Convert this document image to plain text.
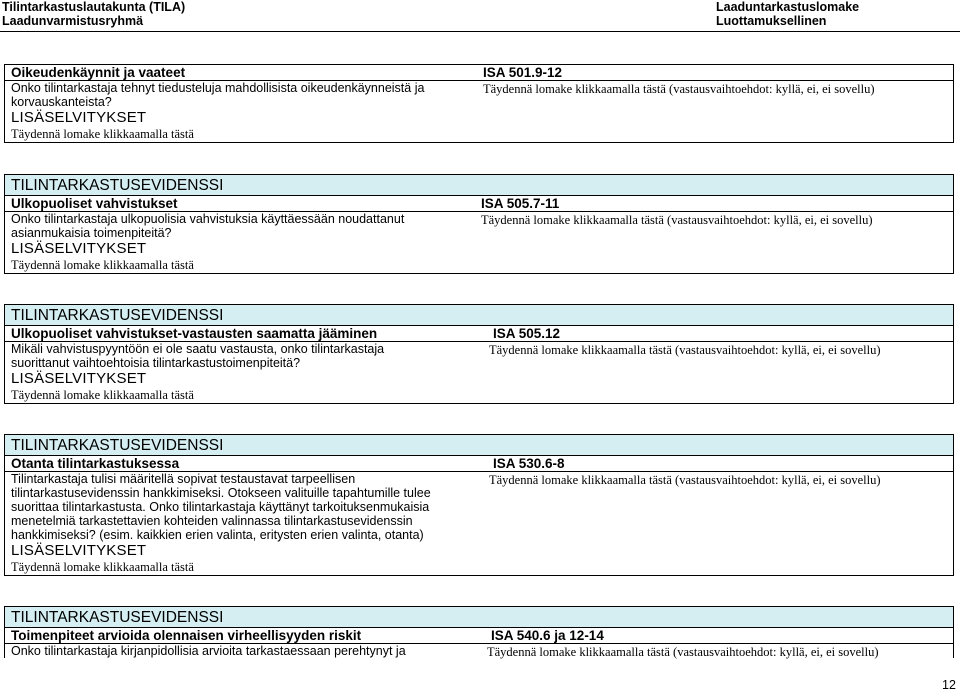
Tilintarkastuslautakunta (TILA)
Laadunvarmistusryhmä
Laaduntarkastuslomake
Luottamuksellinen
Oikeudenkäynnit ja vaateet	ISA 501.9-12
Onko tilintarkastaja tehnyt tiedusteluja mahdollisista oikeudenkäynneistä ja
korvauskanteista?
Täydennä lomake klikkaamalla tästä (vastausvaihtoehdot: kyllä, ei, ei sovellu)
LISÄSELVITYKSET
Täydennä lomake klikkaamalla tästä
TILINTARKASTUSEVIDENSSI
Ulkopuoliset vahvistukset	ISA 505.7-11
Onko tilintarkastaja ulkopuolisia vahvistuksia käyttäessään noudattanut
asianmukaisia toimenpiteitä?
Täydennä lomake klikkaamalla tästä (vastausvaihtoehdot: kyllä, ei, ei sovellu)
LISÄSELVITYKSET
Täydennä lomake klikkaamalla tästä
TILINTARKASTUSEVIDENSSI
Ulkopuoliset vahvistukset-vastausten saamatta jääminen	ISA 505.12
Mikäli vahvistuspyyntöön ei ole saatu vastausta, onko tilintarkastaja
suorittanut vaihtoehtoisia tilintarkastustoimenpiteitä?
Täydennä lomake klikkaamalla tästä (vastausvaihtoehdot: kyllä, ei, ei sovellu)
LISÄSELVITYKSET
Täydennä lomake klikkaamalla tästä
TILINTARKASTUSEVIDENSSI
Otanta tilintarkastuksessa	ISA 530.6-8
Tilintarkastaja tulisi määritellä sopivat testaustavat tarpeellisen
tilintarkastusevidenssin hankkimiseksi. Otokseen valituille tapahtumille tulee
suorittaa tilintarkastusta. Onko tilintarkastaja käyttänyt tarkoituksenmukaisia
menetelmiä tarkastettavien kohteiden valinnassa tilintarkastusevidenssin
hankkimiseksi? (esim. kaikkien erien valinta, eritysten erien valinta, otanta)
Täydennä lomake klikkaamalla tästä (vastausvaihtoehdot: kyllä, ei, ei sovellu)
LISÄSELVITYKSET
Täydennä lomake klikkaamalla tästä
TILINTARKASTUSEVIDENSSI
Toimenpiteet arvioida olennaisen virheellisyyden riskit	ISA 540.6 ja 12-14
Onko tilintarkastaja kirjanpidollisia arvioita tarkastaessaan perehtynyt ja	Täydennä lomake klikkaamalla tästä (vastausvaihtoehdot: kyllä, ei, ei sovellu)
12
